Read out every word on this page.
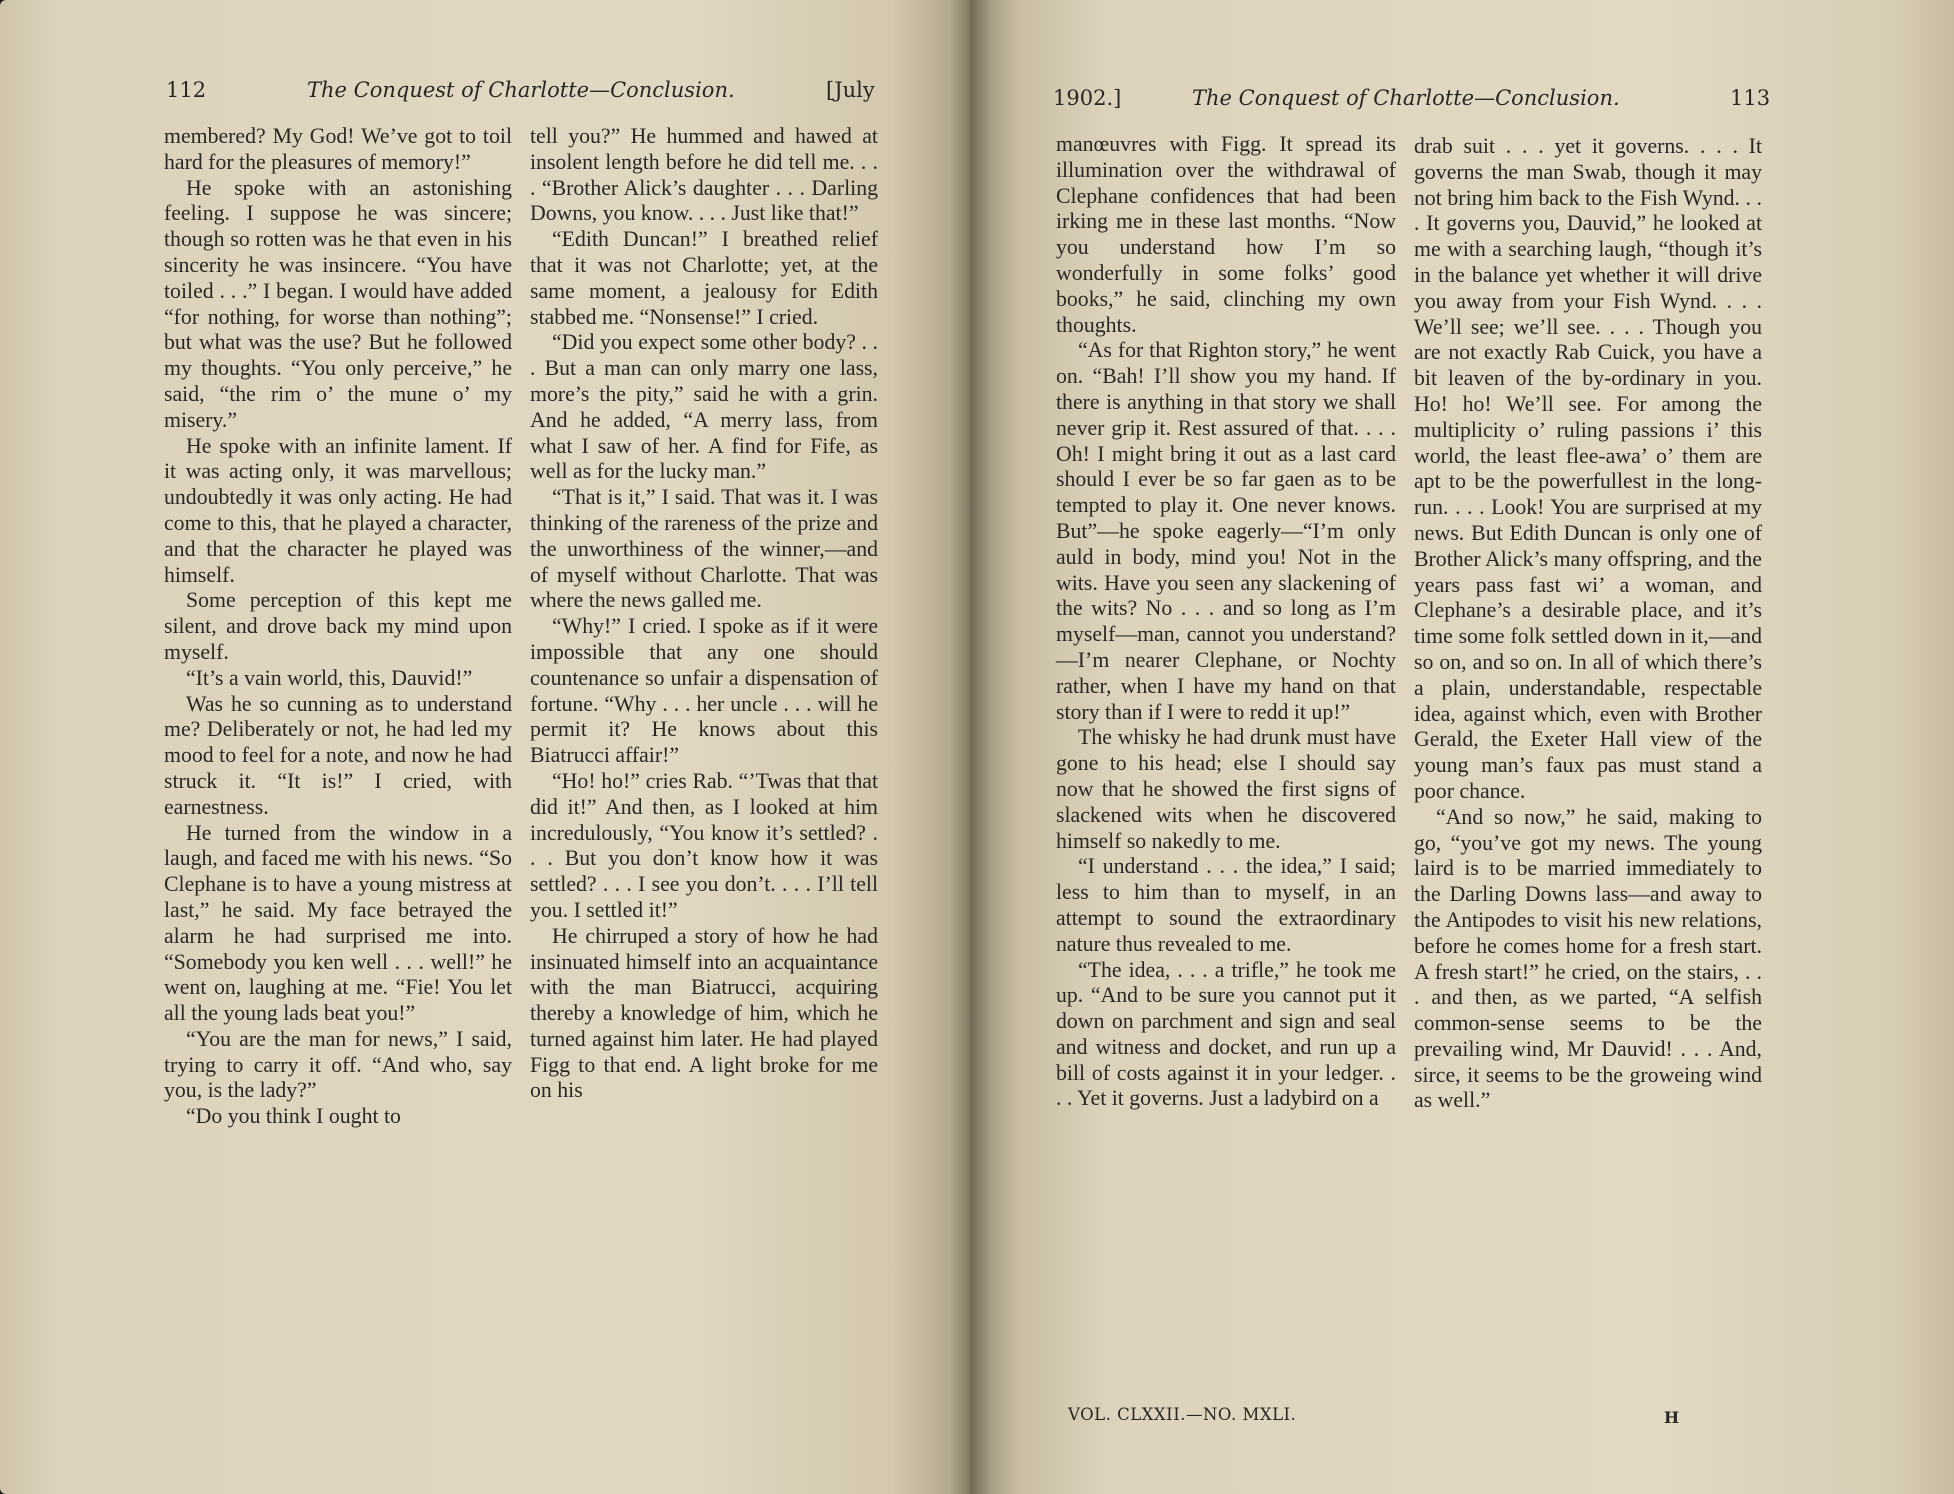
112	The Conquest of Charlotte—Conclusion.	[July

membered? My God! We’ve got to toil hard for the pleasures of memory!”

He spoke with an astonishing feeling. I suppose he was sincere; though so rotten was he that even in his sincerity he was insincere. “You have toiled . . .” I began. I would have added “for nothing, for worse than nothing”; but what was the use? But he followed my thoughts. “You only perceive,” he said, “the rim o’ the mune o’ my misery.”

He spoke with an infinite lament. If it was acting only, it was marvellous; undoubtedly it was only acting. He had come to this, that he played a character, and that the character he played was himself.

Some perception of this kept me silent, and drove back my mind upon myself.

“It’s a vain world, this, Dauvid!”

Was he so cunning as to understand me? Deliberately or not, he had led my mood to feel for a note, and now he had struck it. “It is!” I cried, with earnestness.

He turned from the window in a laugh, and faced me with his news. “So Clephane is to have a young mistress at last,” he said. My face betrayed the alarm he had surprised me into. “Somebody you ken well . . . well!” he went on, laughing at me. “Fie! You let all the young lads beat you!”

“You are the man for news,” I said, trying to carry it off. “And who, say you, is the lady?”

“Do you think I ought to

tell you?” He hummed and hawed at insolent length before he did tell me. . . . “Brother Alick’s daughter . . . Darling Downs, you know. . . . Just like that!”

“Edith Duncan!” I breathed relief that it was not Charlotte; yet, at the same moment, a jealousy for Edith stabbed me. “Nonsense!” I cried.

“Did you expect some other body? . . . But a man can only marry one lass, more’s the pity,” said he with a grin. And he added, “A merry lass, from what I saw of her. A find for Fife, as well as for the lucky man.”

“That is it,” I said. That was it. I was thinking of the rareness of the prize and the unworthiness of the winner,—and of myself without Charlotte. That was where the news galled me.

“Why!” I cried. I spoke as if it were impossible that any one should countenance so unfair a dispensation of fortune. “Why . . . her uncle . . . will he permit it? He knows about this Biatrucci affair!”

“Ho! ho!” cries Rab. “’Twas that that did it!” And then, as I looked at him incredulously, “You know it’s settled? . . . But you don’t know how it was settled? . . . I see you don’t. . . . I’ll tell you. I settled it!”

He chirruped a story of how he had insinuated himself into an acquaintance with the man Biatrucci, acquiring thereby a knowledge of him, which he turned against him later. He had played Figg to that end. A light broke for me on his

1902.]	The Conquest of Charlotte—Conclusion.	113

manœuvres with Figg. It spread its illumination over the withdrawal of Clephane confidences that had been irking me in these last months. “Now you understand how I’m so wonderfully in some folks’ good books,” he said, clinching my own thoughts.

“As for that Righton story,” he went on. “Bah! I’ll show you my hand. If there is anything in that story we shall never grip it. Rest assured of that. . . . Oh! I might bring it out as a last card should I ever be so far gaen as to be tempted to play it. One never knows. But”—he spoke eagerly—“I’m only auld in body, mind you! Not in the wits. Have you seen any slackening of the wits? No . . . and so long as I’m myself—man, cannot you understand?—I’m nearer Clephane, or Nochty rather, when I have my hand on that story than if I were to redd it up!”

The whisky he had drunk must have gone to his head; else I should say now that he showed the first signs of slackened wits when he discovered himself so nakedly to me.

“I understand . . . the idea,” I said; less to him than to myself, in an attempt to sound the extraordinary nature thus revealed to me.

“The idea, . . . a trifle,” he took me up. “And to be sure you cannot put it down on parchment and sign and seal and witness and docket, and run up a bill of costs against it in your ledger. . . . Yet it governs. Just a ladybird on a

drab suit . . . yet it governs. . . . It governs the man Swab, though it may not bring him back to the Fish Wynd. . . . It governs you, Dauvid,” he looked at me with a searching laugh, “though it’s in the balance yet whether it will drive you away from your Fish Wynd. . . . We’ll see; we’ll see. . . . Though you are not exactly Rab Cuick, you have a bit leaven of the by-ordinary in you. Ho! ho! We’ll see. For among the multiplicity o’ ruling passions i’ this world, the least flee-awa’ o’ them are apt to be the powerfullest in the long-run. . . . Look! You are surprised at my news. But Edith Duncan is only one of Brother Alick’s many offspring, and the years pass fast wi’ a woman, and Clephane’s a desirable place, and it’s time some folk settled down in it,—and so on, and so on. In all of which there’s a plain, understandable, respectable idea, against which, even with Brother Gerald, the Exeter Hall view of the young man’s faux pas must stand a poor chance.

“And so now,” he said, making to go, “you’ve got my news. The young laird is to be married immediately to the Darling Downs lass—and away to the Antipodes to visit his new relations, before he comes home for a fresh start. A fresh start!” he cried, on the stairs, . . . and then, as we parted, “A selfish common-sense seems to be the prevailing wind, Mr Dauvid! . . . And, sirce, it seems to be the groweing wind as well.”

VOL. CLXXII.—NO. MXLI.	H
